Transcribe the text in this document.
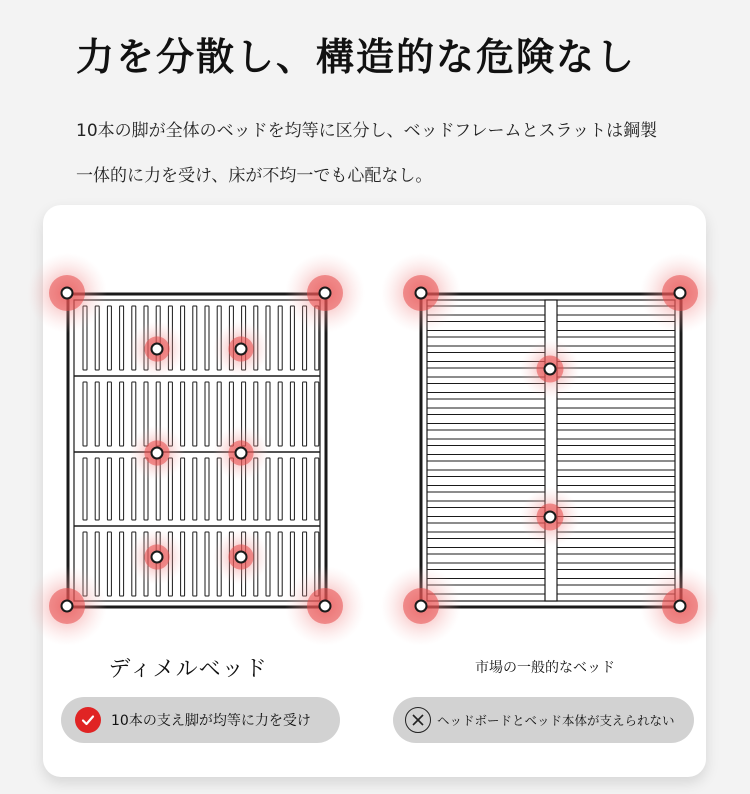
力を分散し、構造的な危険なし
10本の脚が全体のベッドを均等に区分し、ベッドフレームとスラットは鋼製
一体的に力を受け、床が不均一でも心配なし。
ディメルベッド	市場の一般的なベッド
10本の支え脚が均等に力を受け	ヘッドボードとベッド本体が支えられない
